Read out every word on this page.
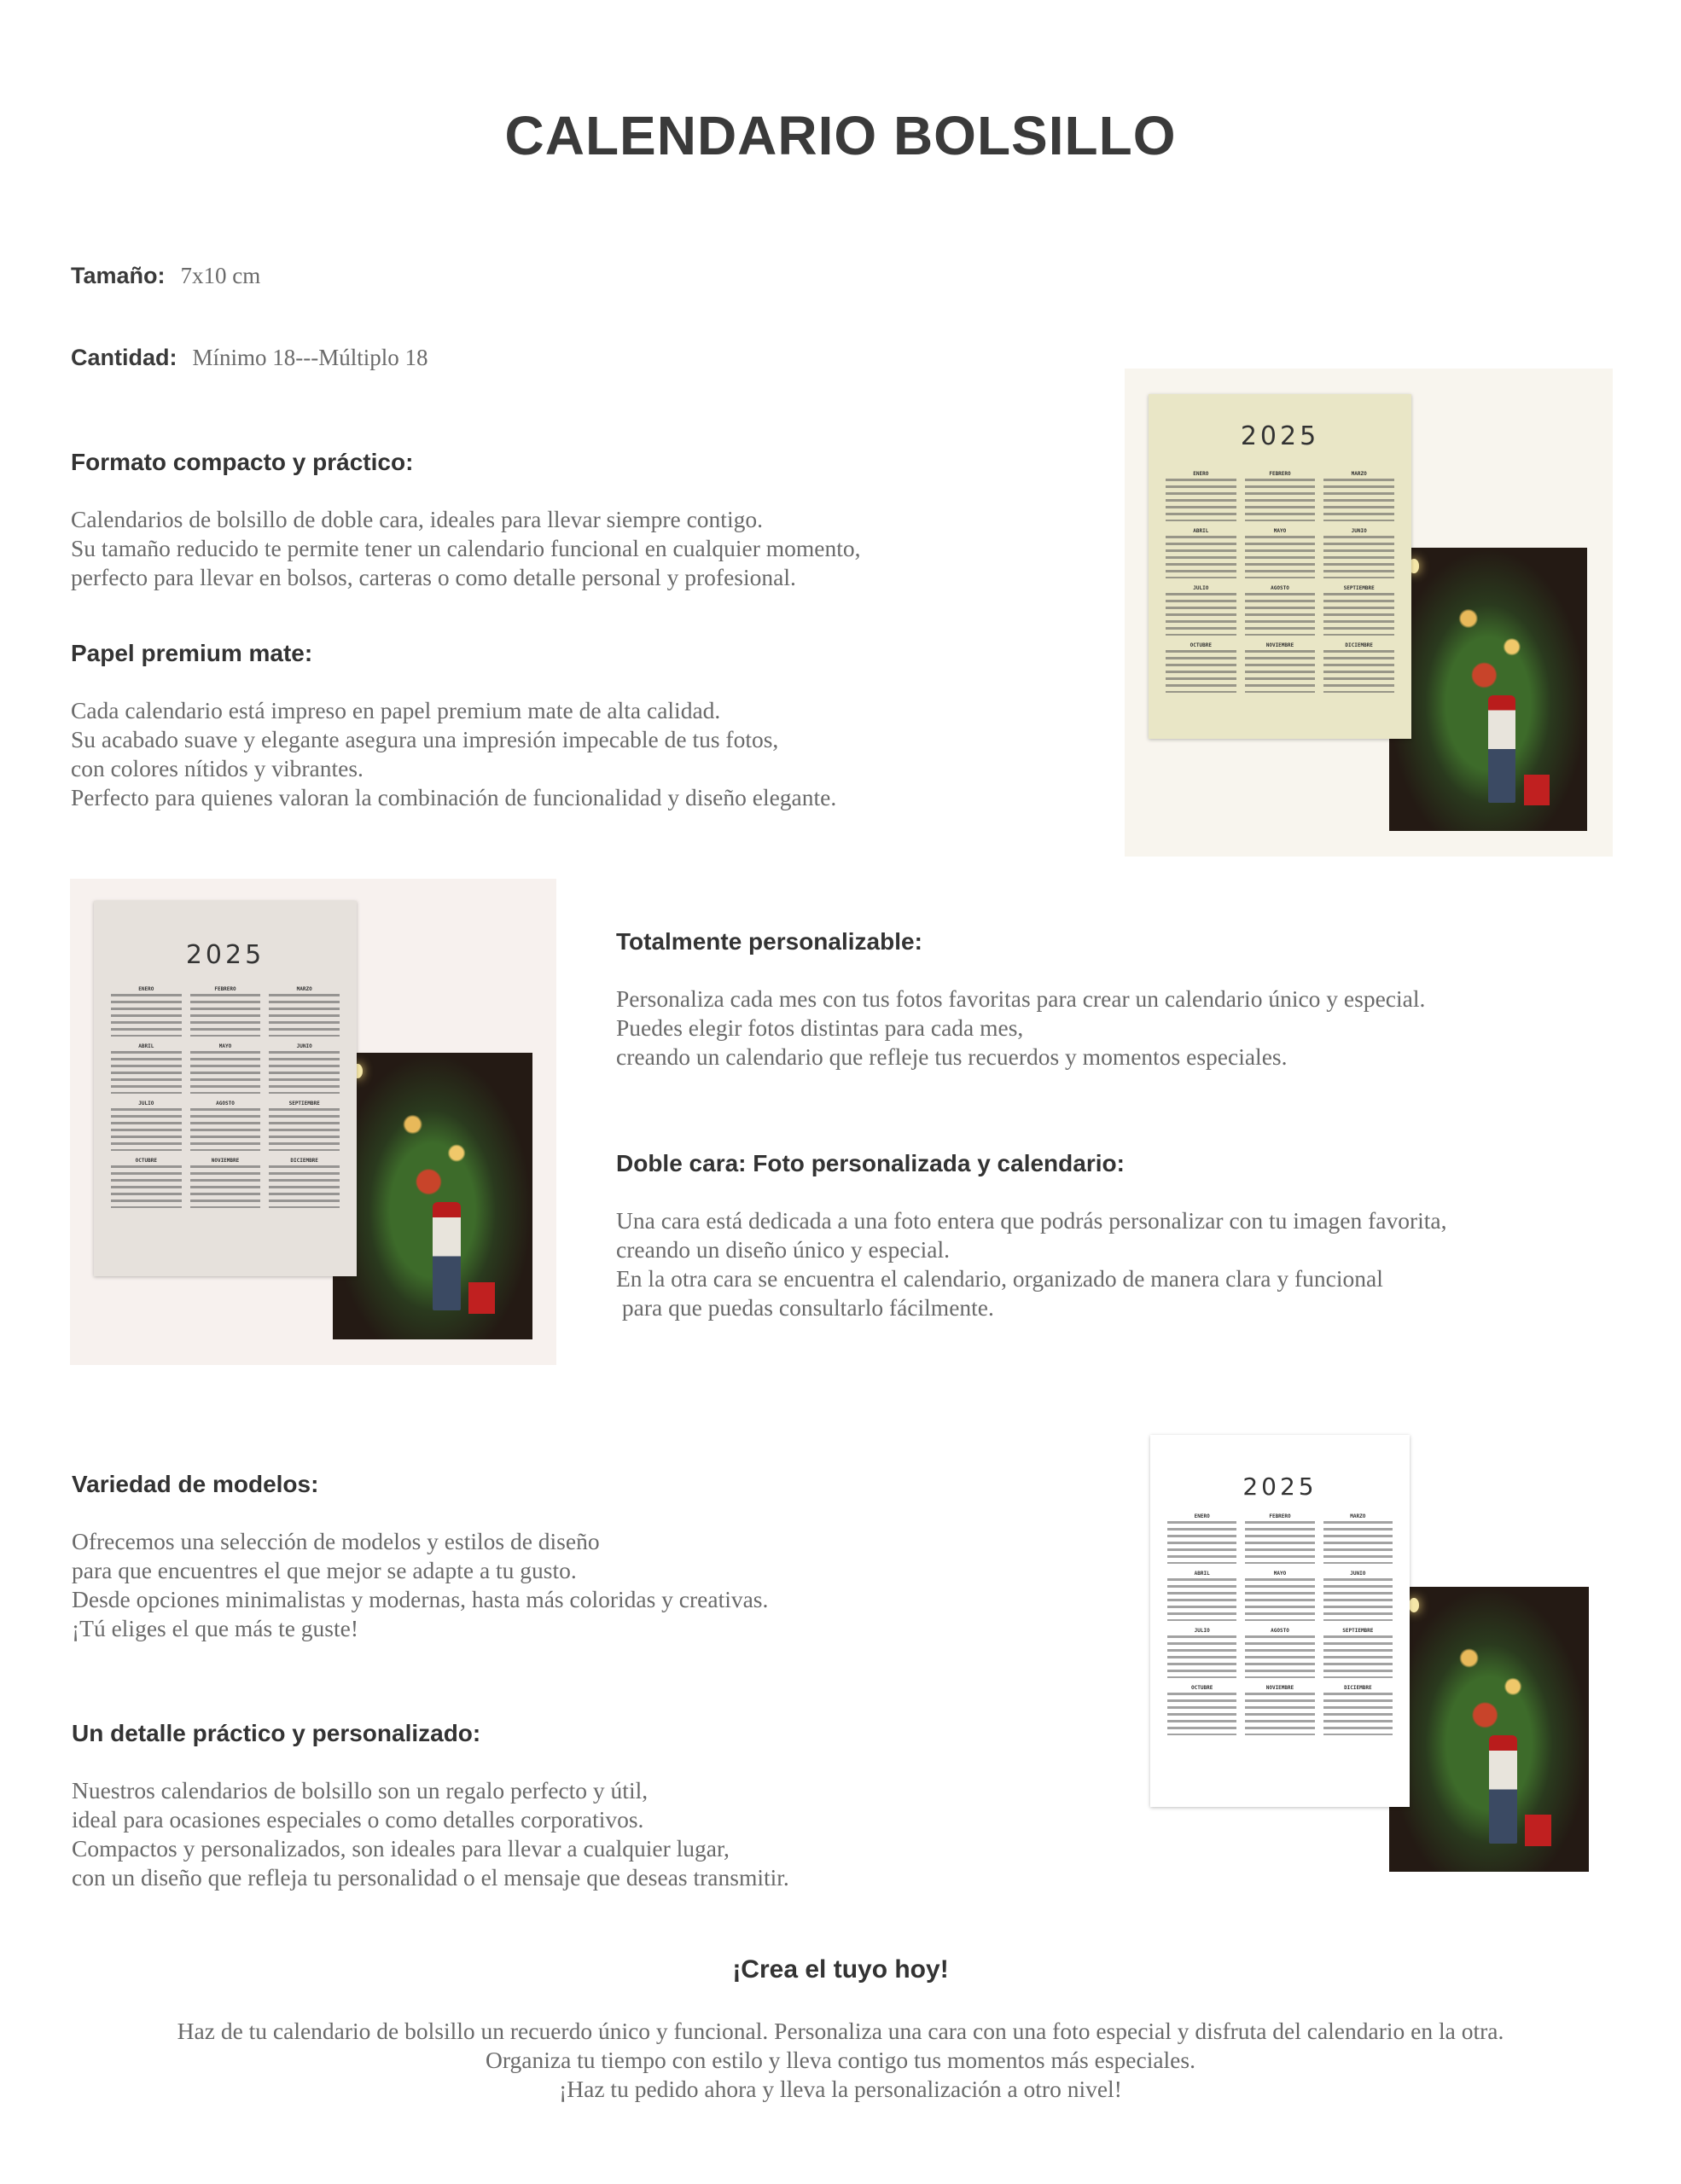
CALENDARIO BOLSILLO
Tamaño: 7x10 cm
Cantidad: Mínimo 18---Múltiplo 18
Formato compacto y práctico:
Calendarios de bolsillo de doble cara, ideales para llevar siempre contigo.
Su tamaño reducido te permite tener un calendario funcional en cualquier momento,
perfecto para llevar en bolsos, carteras o como detalle personal y profesional.
Papel premium mate:
Cada calendario está impreso en papel premium mate de alta calidad.
Su acabado suave y elegante asegura una impresión impecable de tus fotos,
con colores nítidos y vibrantes.
Perfecto para quienes valoran la combinación de funcionalidad y diseño elegante.
Totalmente personalizable:
Personaliza cada mes con tus fotos favoritas para crear un calendario único y especial.
Puedes elegir fotos distintas para cada mes,
creando un calendario que refleje tus recuerdos y momentos especiales.
Doble cara: Foto personalizada y calendario:
Una cara está dedicada a una foto entera que podrás personalizar con tu imagen favorita,
creando un diseño único y especial.
En la otra cara se encuentra el calendario, organizado de manera clara y funcional
para que puedas consultarlo fácilmente.
Variedad de modelos:
Ofrecemos una selección de modelos y estilos de diseño
para que encuentres el que mejor se adapte a tu gusto.
Desde opciones minimalistas y modernas, hasta más coloridas y creativas.
¡Tú eliges el que más te guste!
Un detalle práctico y personalizado:
Nuestros calendarios de bolsillo son un regalo perfecto y útil,
ideal para ocasiones especiales o como detalles corporativos.
Compactos y personalizados, son ideales para llevar a cualquier lugar,
con un diseño que refleja tu personalidad o el mensaje que deseas transmitir.
¡Crea el tuyo hoy!
Haz de tu calendario de bolsillo un recuerdo único y funcional. Personaliza una cara con una foto especial y disfruta del calendario en la otra.
Organiza tu tiempo con estilo y lleva contigo tus momentos más especiales.
¡Haz tu pedido ahora y lleva la personalización a otro nivel!
2025
ENERO	FEBRERO	MARZO
ABRIL	MAYO	JUNIO
JULIO	AGOSTO	SEPTIEMBRE
OCTUBRE	NOVIEMBRE	DICIEMBRE
2025
ENERO	FEBRERO	MARZO
ABRIL	MAYO	JUNIO
JULIO	AGOSTO	SEPTIEMBRE
OCTUBRE	NOVIEMBRE	DICIEMBRE
2025
ENERO	FEBRERO	MARZO
ABRIL	MAYO	JUNIO
JULIO	AGOSTO	SEPTIEMBRE
OCTUBRE	NOVIEMBRE	DICIEMBRE
